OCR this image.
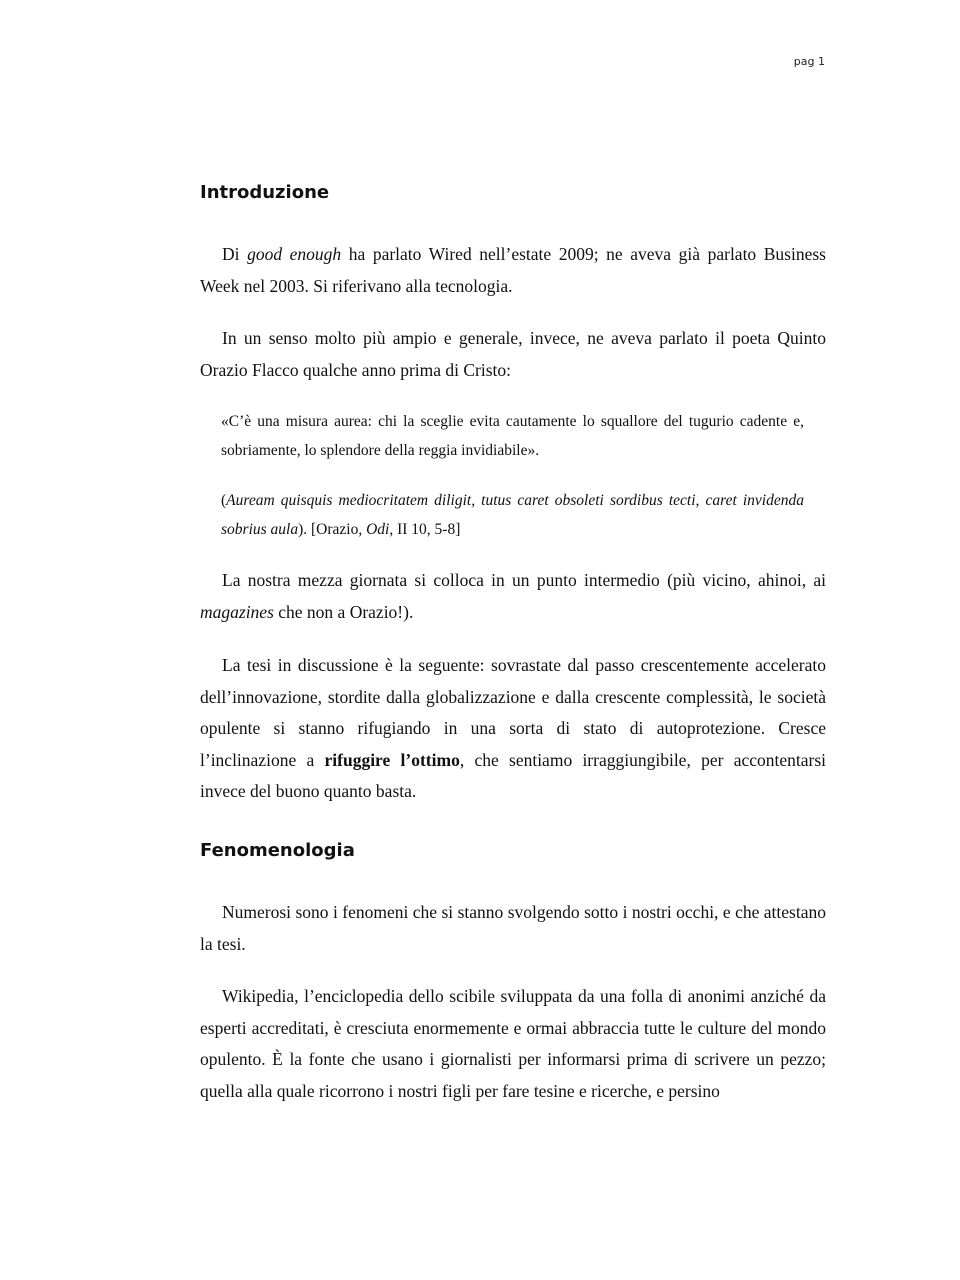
pag 1
Introduzione

Di good enough ha parlato Wired nell’estate 2009; ne aveva già parlato Business Week nel 2003. Si riferivano alla tecnologia.

In un senso molto più ampio e generale, invece, ne aveva parlato il poeta Quinto Orazio Flacco qualche anno prima di Cristo:

«C’è una misura aurea: chi la sceglie evita cautamente lo squallore del tugurio cadente e, sobriamente, lo splendore della reggia invidiabile».

(Auream quisquis mediocritatem diligit, tutus caret obsoleti sordibus tecti, caret invidenda sobrius aula). [Orazio, Odi, II 10, 5-8]

La nostra mezza giornata si colloca in un punto intermedio (più vicino, ahinoi, ai magazines che non a Orazio!).

La tesi in discussione è la seguente: sovrastate dal passo crescentemente accelerato dell’innovazione, stordite dalla globalizzazione e dalla crescente complessità, le società opulente si stanno rifugiando in una sorta di stato di autoprotezione. Cresce l’inclinazione a rifuggire l’ottimo, che sentiamo irraggiungibile, per accontentarsi invece del buono quanto basta.

Fenomenologia

Numerosi sono i fenomeni che si stanno svolgendo sotto i nostri occhi, e che attestano la tesi.

Wikipedia, l’enciclopedia dello scibile sviluppata da una folla di anonimi anziché da esperti accreditati, è cresciuta enormemente e ormai abbraccia tutte le culture del mondo opulento. È la fonte che usano i giornalisti per informarsi prima di scrivere un pezzo; quella alla quale ricorrono i nostri figli per fare tesine e ricerche, e persino
